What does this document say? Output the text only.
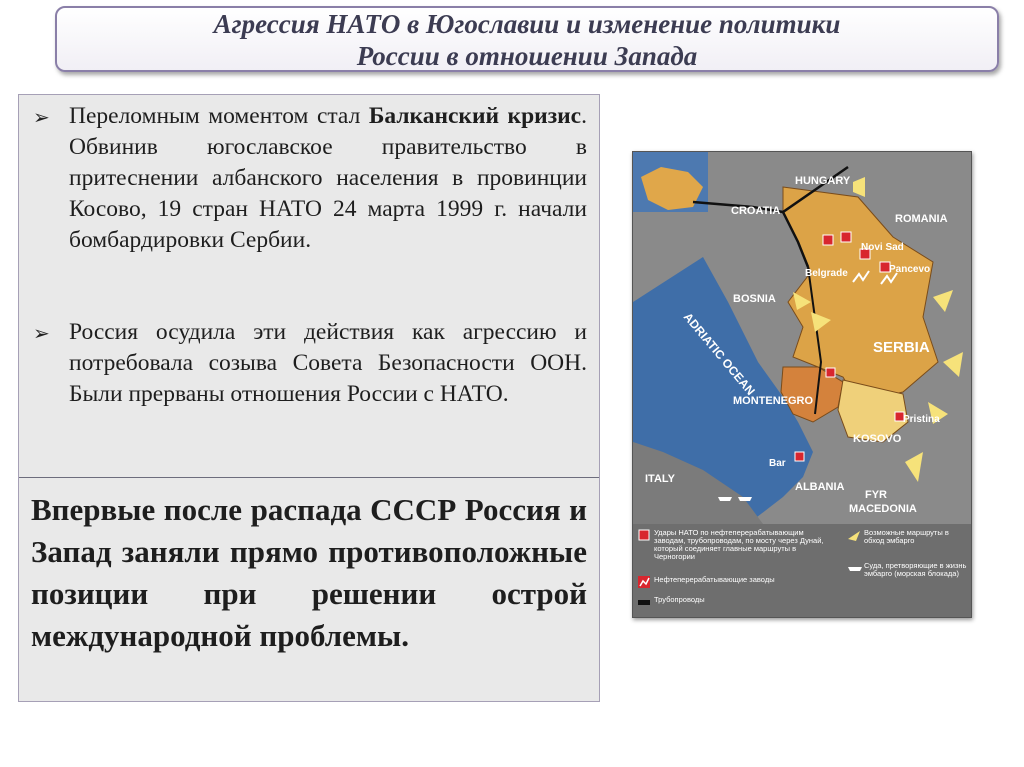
Агрессия НАТО в Югославии и изменение политики
России в отношении Запада
➢ Переломным моментом стал Балканский кризис. Обвинив югославское правительство в притеснении албанского населения в провинции Косово, 19 стран НАТО 24 марта 1999 г. начали бомбардировки Сербии.
➢ Россия осудила эти действия как агрессию и потребовала созыва Совета Безопасности ООН. Были прерваны отношения России с НАТО.
Впервые после распада СССР Россия и Запад заняли прямо противоположные позиции при решении острой международной проблемы.
HUNGARY
CROATIA
ROMANIA
BOSNIA
SERBIA
MONTENEGRO
KOSOVO
ALBANIA
ITALY
FYR
MACEDONIA
ADRIATIC OCEAN
Novi Sad
Belgrade	Pancevo
Pristina
Bar
Удары НАТО по нефтеперерабатывающим заводам, трубопроводам, по мосту через Дунай, который соединяет главные маршруты в Черногории
Возможные маршруты в обход эмбарго
Нефтеперерабатывающие заводы
Суда, претворяющие в жизнь эмбарго (морская блокада)
Трубопроводы
